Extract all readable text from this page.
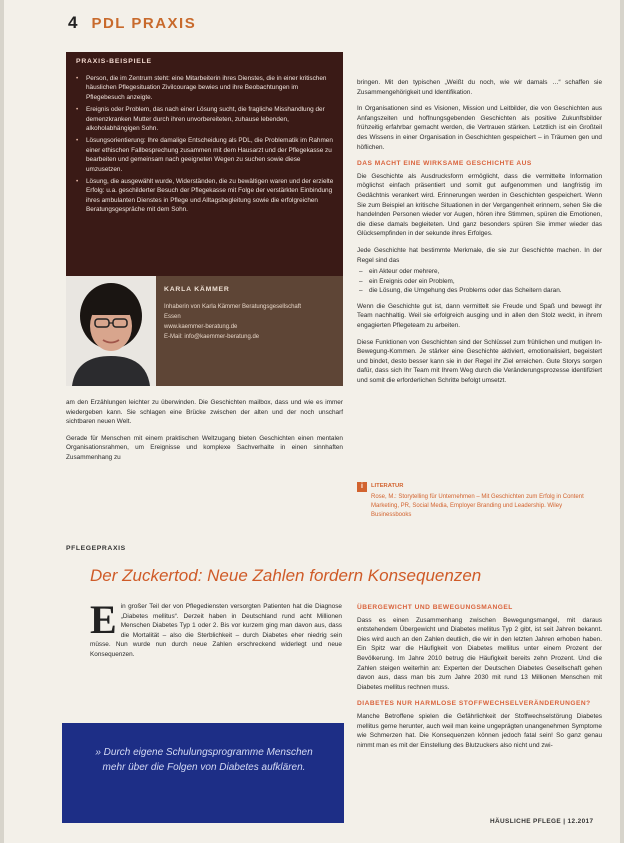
4 PDL PRAXIS
PRAXIS-BEISPIELE
• Person, die im Zentrum steht: eine Mitarbeiterin ihres Dienstes, die in einer kritischen häuslichen Pflegesituation Zivilcourage bewies und ihre Beobachtungen im Pflegebesuch anzeigte.
• Ereignis oder Problem, das nach einer Lösung sucht, die fragliche Misshandlung der demenzkranken Mutter durch ihren unvorbereiteten, zuhause lebenden, alkoholabhängigen Sohn.
• Lösungsorientierung: Ihre damalige Entscheidung als PDL, die Problematik im Rahmen einer ethischen Fallbesprechung zusammen mit dem Hausarzt und der Pflegekasse zu bearbeiten und gemeinsam nach geeigneten Wegen zu suchen sowie diese umzusetzen.
• Lösung, die ausgewählt wurde, Widerständen, die zu bewältigen waren und der erzielte Erfolg: u.a. geschilderter Besuch der Pflegekasse mit Folge der verstärkten Einbindung ihres ambulanten Dienstes in Pflege und Alltagsbegleitung sowie die erfolgreichen Beratungsgespräche mit dem Sohn.
KARLA KÄMMER
Inhaberin von Karla Kämmer Beratungsgesellschaft
Essen
www.kaemmer-beratung.de
E-Mail: info@kaemmer-beratung.de

am den Erzählungen leichter zu überwinden. Die Geschichten mailbox, dass und wie es immer wiedergeben kann. Sie schlagen eine Brücke zwischen der alten und der noch unscharf sichtbaren neuen Welt.

Gerade für Menschen mit einem praktischen Weltzugang bieten Geschichten einen mentalen Organisationsrahmen, um Ereignisse und komplexe Sachverhalte in einen sinnhaften Zusammenhang zu

bringen. Mit den typischen „Weißt du noch, wie wir damals …“ schaffen sie Zusammengehörigkeit und Identifikation.

In Organisationen sind es Visionen, Mission und Leitbilder, die von Geschichten aus Anfangszeiten und hoffnungsgebenden Geschichten als positive Zukunftsbilder frühzeitig erfahrbar gemacht werden, die Vertrauen stärken. Letztlich ist ein Großteil des Wissens in einer Organisation in Geschichten gespeichert – in Träumen gen und höflichen.

DAS MACHT EINE WIRKSAME GESCHICHTE AUS

Die Geschichte als Ausdrucksform ermöglicht, dass die vermittelte Information möglichst einfach präsentiert und somit gut aufgenommen und langfristig im Gedächtnis verankert wird. Erinnerungen werden in Geschichten gespeichert. Wenn Sie zum Beispiel an kritische Situationen in der Vergangenheit erinnern, sehen Sie die handelnden Personen wieder vor Augen, hören ihre Stimmen, spüren die Emotionen, die diese damals begleiteten. Und ganz besonders spüren Sie immer wieder das Glücksempfinden in der sekunde ihres Erfolges.

Jede Geschichte hat bestimmte Merkmale, die sie zur Geschichte machen. In der Regel sind das

– ein Akteur oder mehrere,
– ein Ereignis oder ein Problem,
– die Lösung, die Umgehung des Problems oder das Scheitern daran.

Wenn die Geschichte gut ist, dann vermittelt sie Freude und Spaß und bewegt ihr Team nachhaltig. Weil sie erfolgreich ausging und in allen den Stolz weckt, in ihrem engagierten Pflegeteam zu arbeiten.

Diese Funktionen von Geschichten sind der Schlüssel zum frühlichen und mutigen In-Bewegung-Kommen. Je stärker eine Geschichte aktiviert, emotionalisiert, begeistert und bindet, desto besser kann sie in der Regel ihr Ziel erreichen. Gute Storys sorgen dafür, dass sich Ihr Team mit Ihrem Weg durch die Veränderungsprozesse identifiziert und somit die erforderlichen Schritte befolgt umsetzt.

i	LITERATUR
Rose, M.: Storytelling für Unternehmen – Mit Geschichten zum Erfolg in Content Marketing, PR, Social Media, Employer Branding und Leadership. Wiley Businessbooks
PFLEGEPRAXIS
Der Zuckertod: Neue Zahlen fordern Konsequenzen
E in großer Teil der von Pflegediensten versorgten Patienten hat die Diagnose „Diabetes mellitus“. Derzeit haben in Deutschland rund acht Millionen Menschen Diabetes Typ 1 oder 2. Bis vor kurzem ging man davon aus, dass die Mortalität – also die Sterblichkeit – durch Diabetes eher niedrig sein müsse. Nun wurde nun durch neue Zahlen erschreckend widerlegt und neue Konsequenzen.
» Durch eigene Schulungsprogramme Menschen mehr über die Folgen von Diabetes aufklären.
ÜBERGEWICHT UND BEWEGUNGSMANGEL

Dass es einen Zusammenhang zwischen Bewegungsmangel, mit daraus entstehendem Übergewicht und Diabetes mellitus Typ 2 gibt, ist seit Jahren bekannt. Dies wird auch an den Zahlen deutlich, die wir in den letzten Jahren erhoben haben. Ein Spitz war die Häufigkeit von Diabetes mellitus unter einem Prozent der Bevölkerung. Im Jahre 2010 betrug die Häufigkeit bereits zehn Prozent. Und die Zahlen steigen weiterhin an: Experten der Deutschen Diabetes Gesellschaft gehen davon aus, dass man bis zum Jahre 2030 mit rund 13 Millionen Menschen mit Diabetes mellitus rechnen muss.

DIABETES NUR HARMLOSE STOFFWECHSELVERÄNDERUNGEN?

Manche Betroffene spielen die Gefährlichkeit der Stoffwechselstörung Diabetes mellitus gerne herunter, auch weil man keine ungeprägten unangenehmen Symptome wie Schmerzen hat. Die Konsequenzen können jedoch fatal sein! So ganz genau nimmt man es mit der Einstellung des Blutzuckers also nicht und zwi-

HÄUSLICHE PFLEGE | 12.2017
